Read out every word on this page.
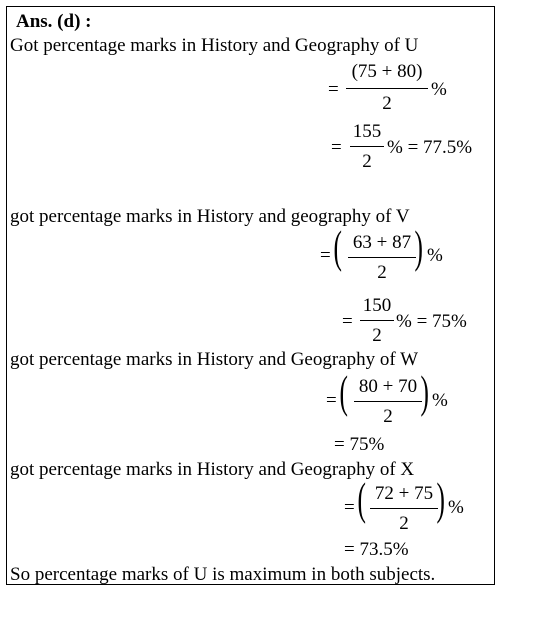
Ans. (d) :
Got percentage marks in History and Geography of U
=
(75 + 80)
2
%
=
155
2
% = 77.5%
got percentage marks in History and geography of V
= ( 63 + 87
2
) %
=
150
2
% = 75%
got percentage marks in History and Geography of W
= ( 80 + 70
2 ) %
= 75%
got percentage marks in History and Geography of X
= ( 72 + 75
2 ) %
= 73.5%
So percentage marks of U is maximum in both subjects.
